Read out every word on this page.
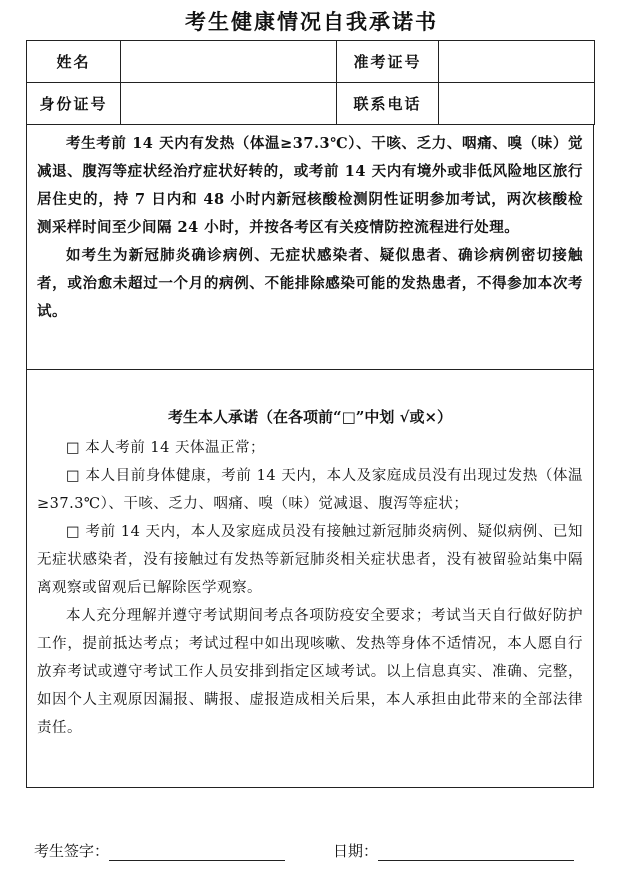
考生健康情况自我承诺书
姓名		准考证号	
身份证号		联系电话	

考生考前 14 天内有发热（体温≥37.3℃）、干咳、乏力、咽痛、嗅（味）觉减退、腹泻等症状经治疗症状好转的，或考前 14 天内有境外或非低风险地区旅行居住史的，持 7 日内和 48 小时内新冠核酸检测阴性证明参加考试，两次核酸检测采样时间至少间隔 24 小时，并按各考区有关疫情防控流程进行处理。

如考生为新冠肺炎确诊病例、无症状感染者、疑似患者、确诊病例密切接触者，或治愈未超过一个月的病例、不能排除感染可能的发热患者，不得参加本次考试。

考生本人承诺（在各项前“□”中划 √或×）

□ 本人考前 14 天体温正常；

□ 本人目前身体健康，考前 14 天内，本人及家庭成员没有出现过发热（体温≥37.3℃）、干咳、乏力、咽痛、嗅（味）觉减退、腹泻等症状；

□ 考前 14 天内，本人及家庭成员没有接触过新冠肺炎病例、疑似病例、已知无症状感染者，没有接触过有发热等新冠肺炎相关症状患者，没有被留验站集中隔离观察或留观后已解除医学观察。

本人充分理解并遵守考试期间考点各项防疫安全要求；考试当天自行做好防护工作，提前抵达考点；考试过程中如出现咳嗽、发热等身体不适情况，本人愿自行放弃考试或遵守考试工作人员安排到指定区域考试。以上信息真实、准确、完整，如因个人主观原因漏报、瞒报、虚报造成相关后果，本人承担由此带来的全部法律责任。

考生签字：	日期：
